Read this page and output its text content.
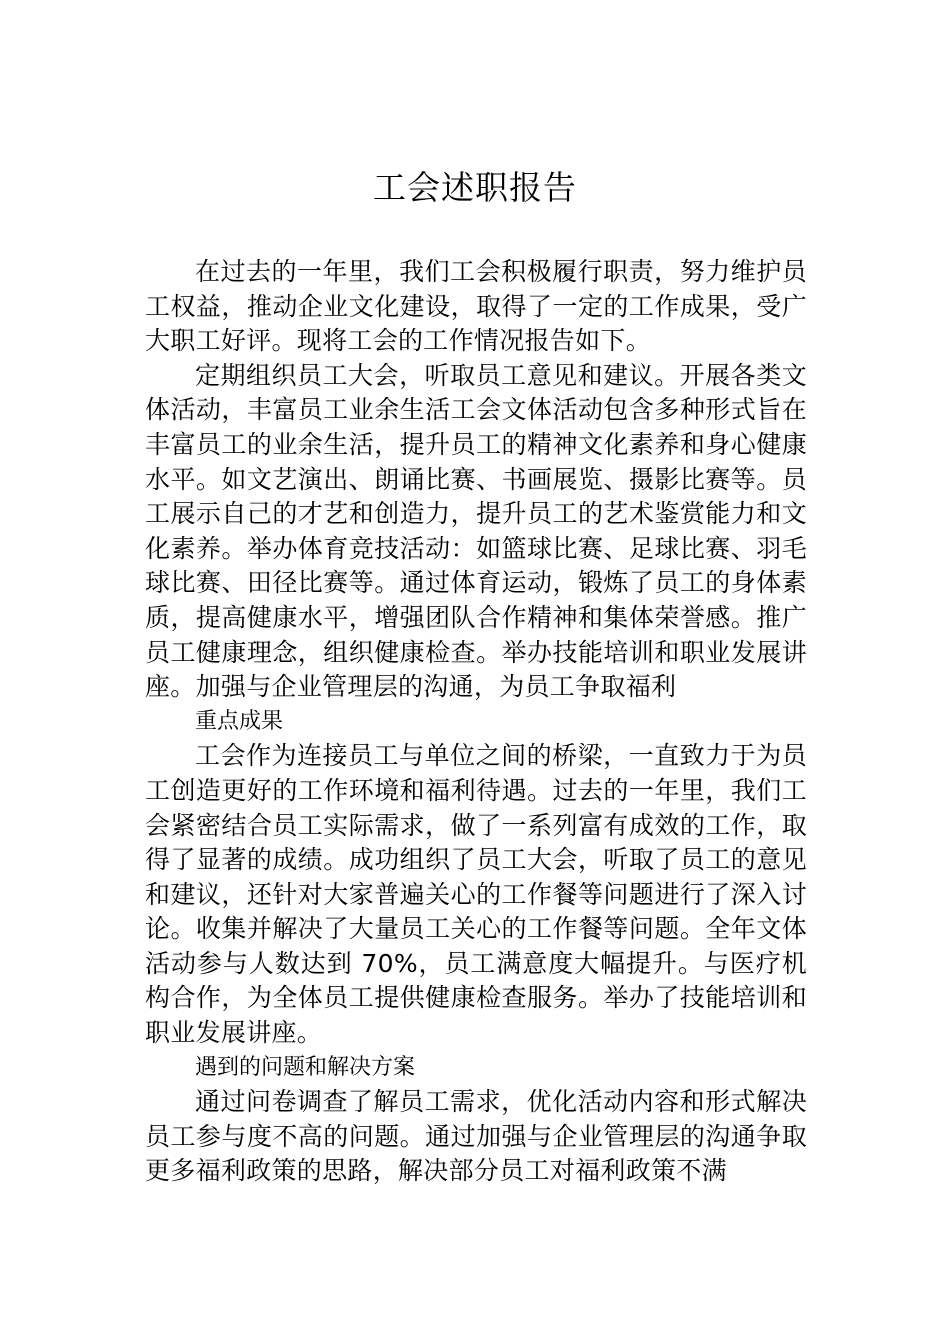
工会述职报告

在过去的一年里，我们工会积极履行职责，努力维护员工权益，推动企业文化建设，取得了一定的工作成果，受广大职工好评。现将工会的工作情况报告如下。

定期组织员工大会，听取员工意见和建议。开展各类文体活动，丰富员工业余生活工会文体活动包含多种形式旨在丰富员工的业余生活，提升员工的精神文化素养和身心健康水平。如文艺演出、朗诵比赛、书画展览、摄影比赛等。员工展示自己的才艺和创造力，提升员工的艺术鉴赏能力和文化素养。举办体育竞技活动：如篮球比赛、足球比赛、羽毛球比赛、田径比赛等。通过体育运动，锻炼了员工的身体素质，提高健康水平，增强团队合作精神和集体荣誉感。推广员工健康理念，组织健康检查。举办技能培训和职业发展讲座。加强与企业管理层的沟通，为员工争取福利

重点成果

工会作为连接员工与单位之间的桥梁，一直致力于为员工创造更好的工作环境和福利待遇。过去的一年里，我们工会紧密结合员工实际需求，做了一系列富有成效的工作，取得了显著的成绩。成功组织了员工大会，听取了员工的意见和建议，还针对大家普遍关心的工作餐等问题进行了深入讨论。收集并解决了大量员工关心的工作餐等问题。全年文体活动参与人数达到 70%，员工满意度大幅提升。与医疗机构合作，为全体员工提供健康检查服务。举办了技能培训和职业发展讲座。

遇到的问题和解决方案

通过问卷调查了解员工需求，优化活动内容和形式解决员工参与度不高的问题。通过加强与企业管理层的沟通争取更多福利政策的思路，解决部分员工对福利政策不满
